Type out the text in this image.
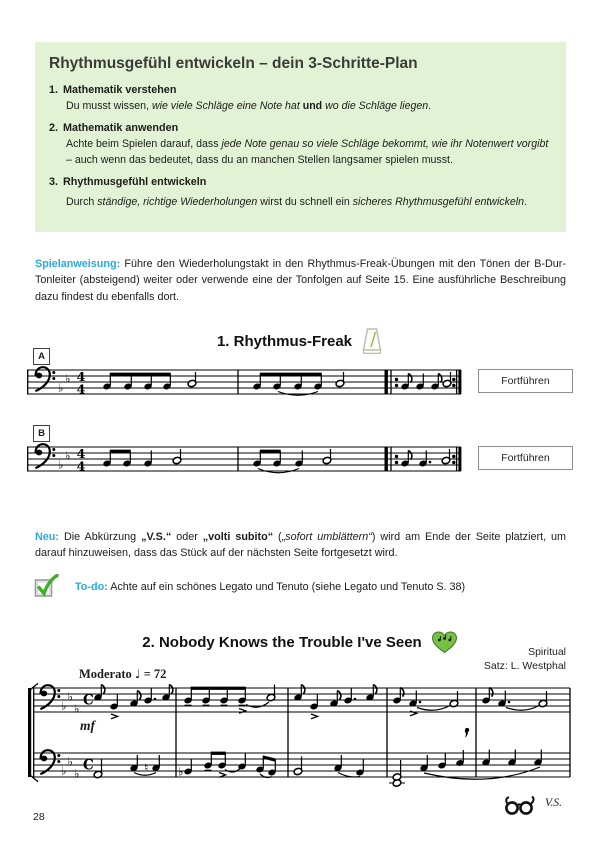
Rhythmusgefühl entwickeln – dein 3-Schritte-Plan
1. Mathematik verstehen

Du musst wissen, wie viele Schläge eine Note hat und wo die Schläge liegen.

2. Mathematik anwenden

Achte beim Spielen darauf, dass jede Note genau so viele Schläge bekommt, wie ihr Notenwert vorgibt – auch wenn das bedeutet, dass du an manchen Stellen langsamer spielen musst.

3. Rhythmusgefühl entwickeln

Durch ständige, richtige Wiederholungen wirst du schnell ein sicheres Rhythmusgefühl entwickeln.

Spielanweisung: Führe den Wiederholungstakt in den Rhythmus-Freak-Übungen mit den Tönen der B-Dur-Tonleiter (absteigend) weiter oder verwende eine der Tonfolgen auf Seite 15. Eine ausführliche Beschreibung dazu findest du ebenfalls dort.

1. Rhythmus-Freak
A
♭
♭ 4
4
Fortführen
B
♭
♭ 4
4
Fortführen

Neu: Die Abkürzung „V.S.“ oder „volti subito“ („sofort umblättern“) wird am Ende der Seite platziert, um darauf hinzuweisen, dass das Stück auf der nächsten Seite fortgesetzt wird.

To-do: Achte auf ein schönes Legato und Tenuto (siehe Legato und Tenuto S. 38)
2. Nobody Knows the Trouble I've Seen
Spiritual
Satz: L. Westphal
Moderato ♩ = 72
♭
♭
♭
♭
♭
♭
C
C	♮	♭
mf
V.S.
28
